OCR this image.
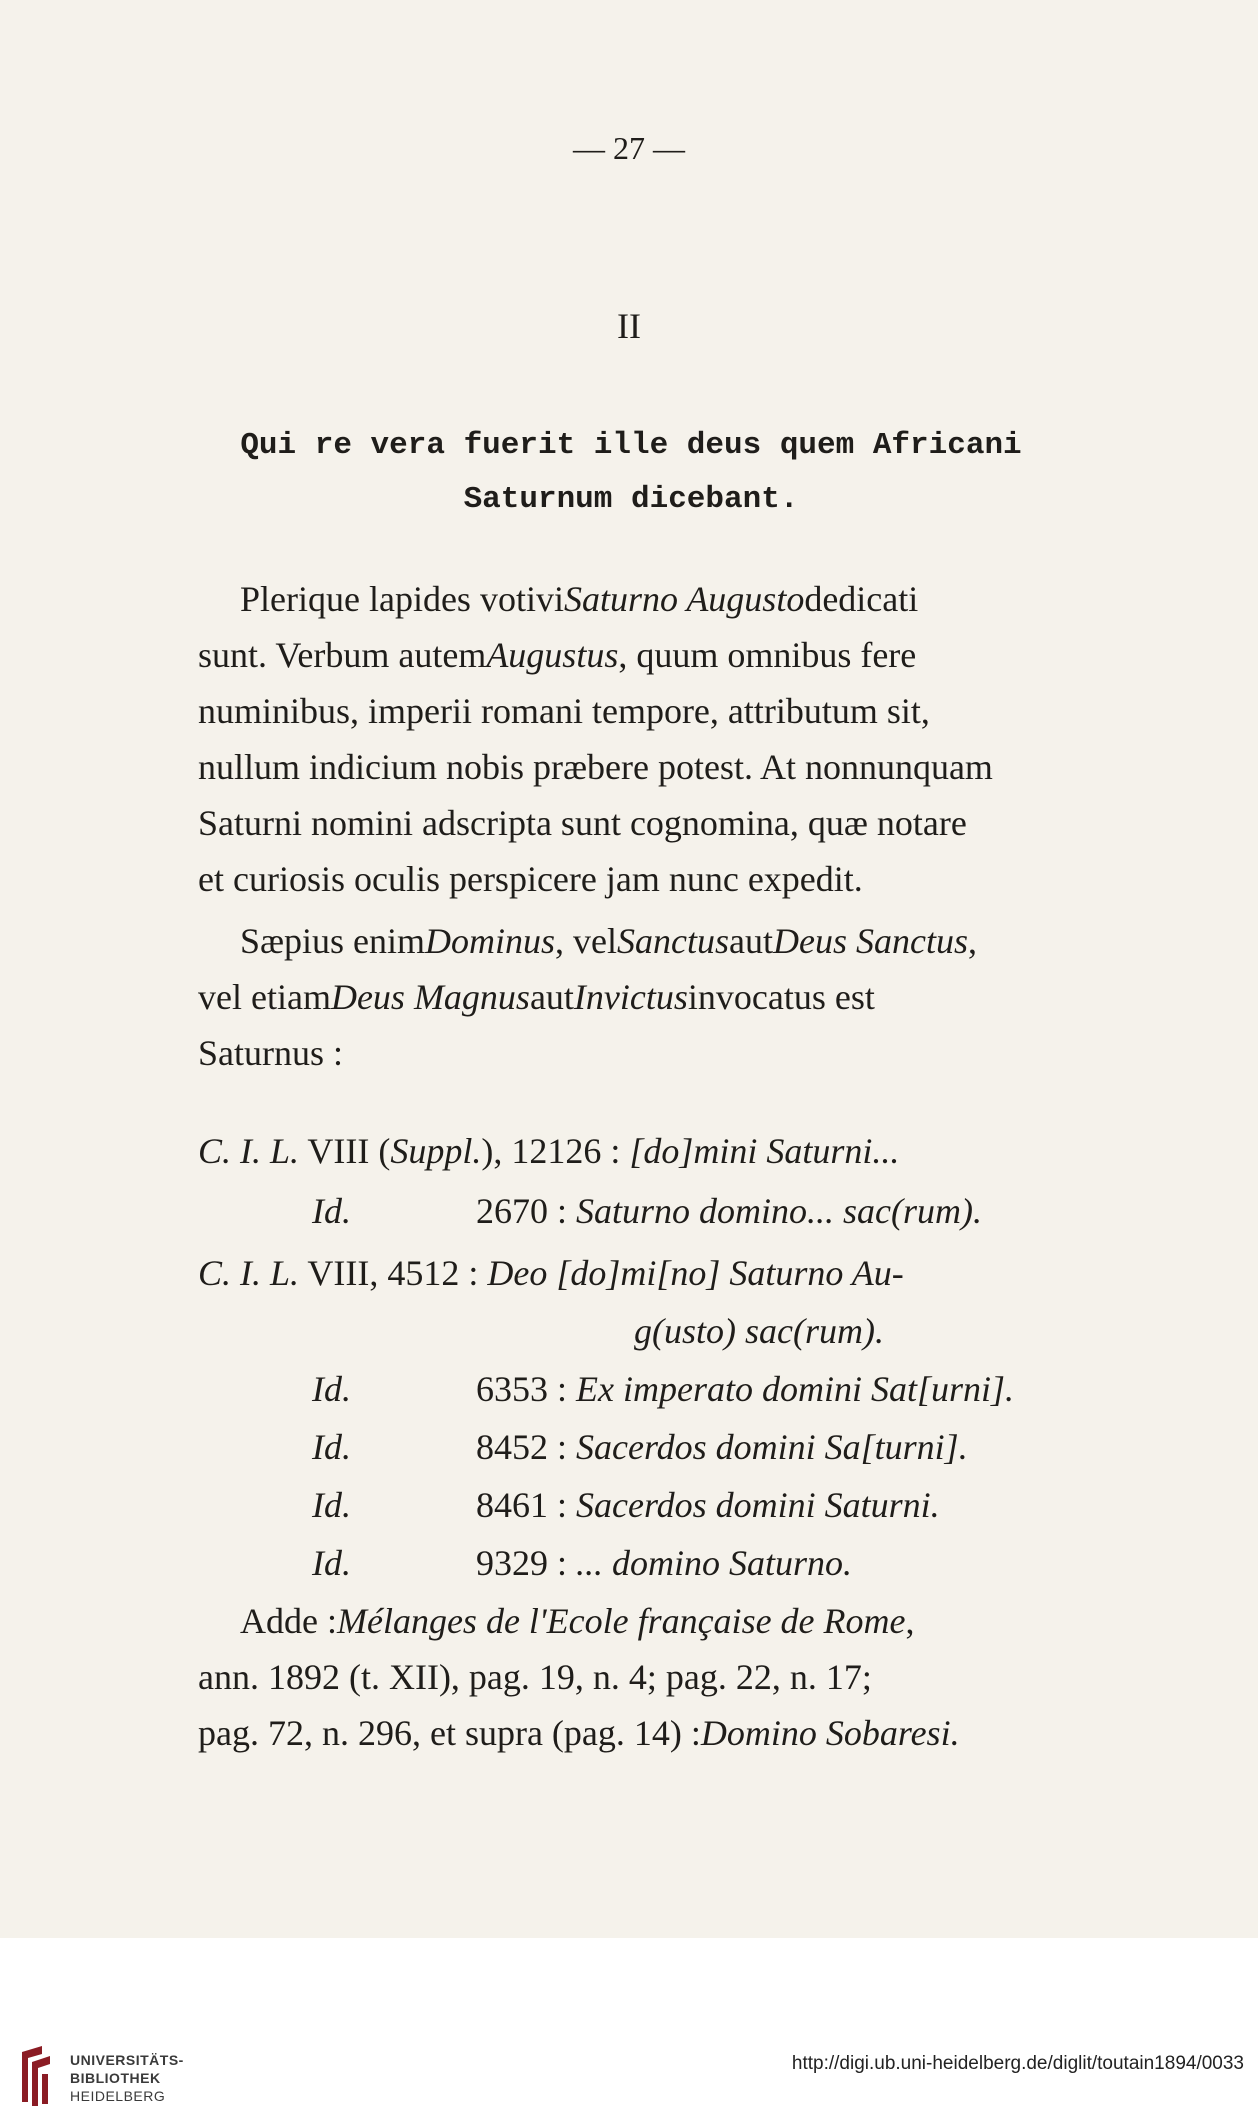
— 27 —
II
Qui re vera fuerit ille deus quem Africani
Saturnum dicebant.
Plerique lapides votiviSaturno Augustodedicati
sunt. Verbum autemAugustus, quum omnibus fere
numinibus, imperii romani tempore, attributum sit,
nullum indicium nobis præbere potest. At nonnunquam
Saturni nomini adscripta sunt cognomina, quæ notare
et curiosis oculis perspicere jam nunc expedit.
Sæpius enimDominus, velSanctusautDeus Sanctus,
vel etiamDeus MagnusautInvictusinvocatus est
Saturnus :
C. I. L. VIII (Suppl.), 12126 : [do]mini Saturni...
Id.	2670 : Saturno domino... sac(rum).
C. I. L. VIII, 4512 : Deo [do]mi[no] Saturno Au-
g(usto) sac(rum).
Id.	6353 : Ex imperato domini Sat[urni].
Id.	8452 : Sacerdos domini Sa[turni].
Id.	8461 : Sacerdos domini Saturni.
Id.	9329 : ... domino Saturno.
Adde :Mélanges de l'Ecole française de Rome,
ann. 1892 (t. XII), pag. 19, n. 4; pag. 22, n. 17;
pag. 72, n. 296, et supra (pag. 14) :Domino Sobaresi.
UNIVERSITÄTS-
BIBLIOTHEK
HEIDELBERG
http://digi.ub.uni-heidelberg.de/diglit/toutain1894/0033
